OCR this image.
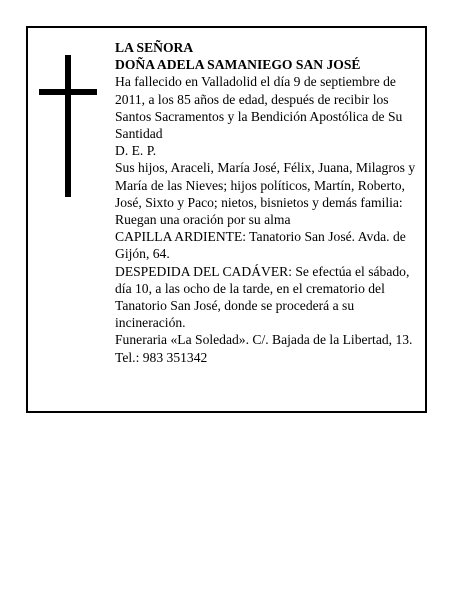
LA SEÑORA

DOÑA ADELA SAMANIEGO SAN JOSÉ

Ha fallecido en Valladolid el día 9 de septiembre de 2011, a los 85 años de edad, después de recibir los Santos Sacramentos y la Bendición Apostólica de Su Santidad

D. E. P.

Sus hijos, Araceli, María José, Félix, Juana, Milagros y María de las Nieves; hijos políticos, Martín, Roberto, José, Sixto y Paco; nietos, bisnietos y demás familia:

Ruegan una oración por su alma

CAPILLA ARDIENTE: Tanatorio San José. Avda. de Gijón, 64.

DESPEDIDA DEL CADÁVER: Se efectúa el sábado, día 10, a las ocho de la tarde, en el crematorio del Tanatorio San José, donde se procederá a su incineración.

Funeraria «La Soledad». C/. Bajada de la Libertad, 13. Tel.: 983 351342
